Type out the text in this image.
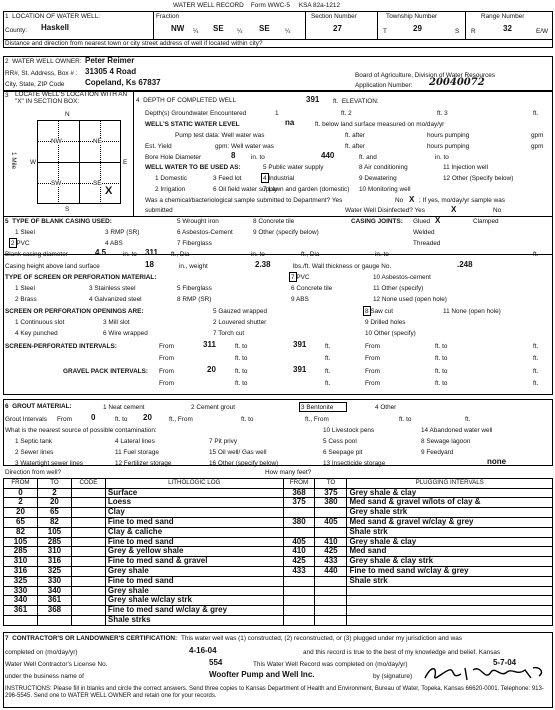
WATER WELL RECORD Form WWC-5 KSA 82a-1212
1 LOCATION OF WATER WELL:
County: Haskell
Fraction
NW ¼ SE ¼ SE ¼
Section Number
27
Township Number
T	29	S
Range Number
R	32	E/W
Distance and direction from nearest town or city street address of well if located within city?
2 WATER WELL OWNER: Peter Reimer
RR#, St. Address, Box # : 31305 4 Road
City, State, ZIP Code	Copeland, Ks 67837
Board of Agriculture, Division of Water Resources
Application Number: 20040072
3	LOCATE WELL'S LOCATION WITH AN "X" IN SECTION BOX:
N
S
W	E
1 Mile
NW	NE
SW	SE
X
4 DEPTH OF COMPLETED WELL	391 ft. ELEVATION:
Depth(s) Groundwater Encountered	1	ft. 2	ft. 3	ft.
WELL'S STATIC WATER LEVEL	na	ft. below land surface measured on mo/day/yr
Pump test data: Well water was	ft. after	hours pumping	gpm
Est. Yield	gpm: Well water was	ft. after	hours pumping	gpm
Bore Hole Diameter	8 in. to	440	ft. and	in. to
WELL WATER TO BE USED AS:	5 Public water supply	8 Air conditioning	11 Injection well
1 Domestic	3 Feed lot	4 Industrial	9 Dewatering	12 Other (Specify below)
2 Irrigation	6 Oil field water supply
7 Lawn and garden (domestic) 10 Monitoring well
Was a chemical/bacteriological sample submitted to Department? Yes	No X ; If yes, mo/day/yr sample was
submitted	Water Well Disinfected? Yes	X	No
5 TYPE OF BLANK CASING USED:	5 Wrought iron	8 Concrete tile	CASING JOINTS: Glued X	Clamped
1 Steel	3 RMP (SR)	6 Asbestos-Cement	9 Other (specify below)	Welded
2 PVC	4 ABS	7 Fiberglass	Threaded
Blank casing diameter	4.5	in. to 311 ft., Dia	in. to	ft., Dia	in. to	ft.
Casing height above land surface	18	in., weight	2.38	lbs./ft. Wall thickness or gauge No.	.248
TYPE OF SCREEN OR PERFORATION MATERIAL:	7 PVC	10 Asbestos-cement
1 Steel	3 Stainless steel	5 Fiberglass	6 Concrete tile	11 Other (specify)
2 Brass	4 Galvanized steel	8 RMP (SR)	9 ABS	12 None used (open hole)
SCREEN OR PERFORATION OPENINGS ARE:	5 Gauzed wrapped	8 Saw cut	11 None (open hole)
1 Continuous slot	3 Mill slot	2 Louvered shutter	9 Drilled holes
4 Key punched	6 Wire wrapped	7 Torch cut	10 Other (specify)
SCREEN-PERFORATED INTERVALS:	From	311	ft. to	391	ft.	From	ft. to	ft.
From	ft. to	ft.	From	ft. to	ft.
GRAVEL PACK INTERVALS: From	20	ft. to	391	ft.	From	ft. to	ft.
From	ft. to	ft.	From	ft. to	ft.
6 GROUT MATERIAL:	1 Neat cement	2 Cement grout	3 Bentonite	4 Other
Grout Intervals From 0	ft. to 20	ft., From	ft. to	ft., From	ft. to	ft.
What is the nearest source of possible contamination:	10 Livestock pens	14 Abandoned water well
1 Septic tank	4 Lateral lines	7 Pit privy	5 Cess pool	8 Sewage lagoon
2 Sewer lines	11 Fuel storage	15 Oil well/ Gas well	6 Seepage pit	9 Feedyard
3 Watertight sewer lines	12 Fertilizer storage	16 Other (specify below)	13 Insecticide storage	none
Direction from well?	How many feet?
FROM	TO	CODE	LITHOLOGIC LOG	FROM	TO	PLUGGING INTERVALS
0	2		Surface	368	375	Grey shale & clay
2	20		Loess	375	380	Med sand & gravel w/lots of clay &
20	65		Clay			Grey shale strk
65	82		Fine to med sand	380	405	Med sand & gravel w/clay & grey
82	105		Clay & caliche			Shale strk
105	285		Fine to med sand	405	410	Grey shale & clay
285	310		Grey & yellow shale	410	425	Med sand
310	316		Fine to med sand & gravel	425	433	Grey shale & clay strk
316	325		Grey shale	433	440	Fine to med sand w/clay & grey
325	330		Fine to med sand			Shale strk
330	340		Grey shale			
340	361		Grey shale w/clay strk			
361	368		Fine to med sand w/clay & grey			
			Shale strks			
7 CONTRACTOR'S OR LANDOWNER'S CERTIFICATION: This water well was (1) constructed, (2) reconstructed, or (3) plugged under my jurisdiction and was
completed on (mo/day/yr)	4-16-04	and this record is true to the best of my knowledge and belief. Kansas
Water Well Contractor's License No.	554	This Water Well Record was completed on (mo/day/yr)	5-7-04
under the business name of	Woofter Pump and Well Inc.	by (signature)
INSTRUCTIONS: Please fill in blanks and circle the correct answers. Send three copies to Kansas Department of Health and Environment, Bureau of Water, Topeka, Kansas 66620-0001. Telephone: 913-296-5545. Send one to WATER WELL OWNER and retain one for your records.
